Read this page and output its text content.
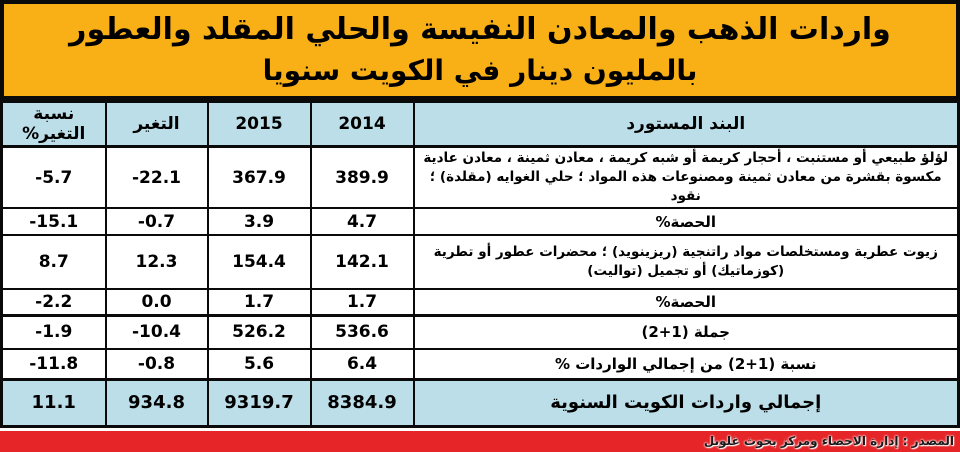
واردات الذهب والمعادن النفيسة والحلي المقلد والعطور
بالمليون دينار في الكويت سنويا
البند المستورد	2014	2015	التغير	نسبة التغير%
لؤلؤ طبيعي أو مستنبت ، أحجار كريمة أو شبه كريمة ، معادن ثمينة ، معادن عادية مكسوة بقشرة من معادن ثمينة ومصنوعات هذه المواد ؛ حلي الغوايه (مقلدة) ؛ نقود	389.9	367.9	-22.1	-5.7
الحصة%	4.7	3.9	-0.7	-15.1
زيوت عطرية ومستخلصات مواد راتنجية (ريزينويد) ؛ محضرات عطور أو تطرية (كوزماتيك) أو تجميل (تواليت)	142.1	154.4	12.3	8.7
الحصة%	1.7	1.7	0.0	-2.2
جملة (1+2)	536.6	526.2	-10.4	-1.9
نسبة (1+2) من إجمالي الواردات %	6.4	5.6	-0.8	-11.8
إجمالي واردات الكويت السنوية	8384.9	9319.7	934.8	11.1
المصدر : إدارة الاحصاء ومركز بحوث غلوبل
